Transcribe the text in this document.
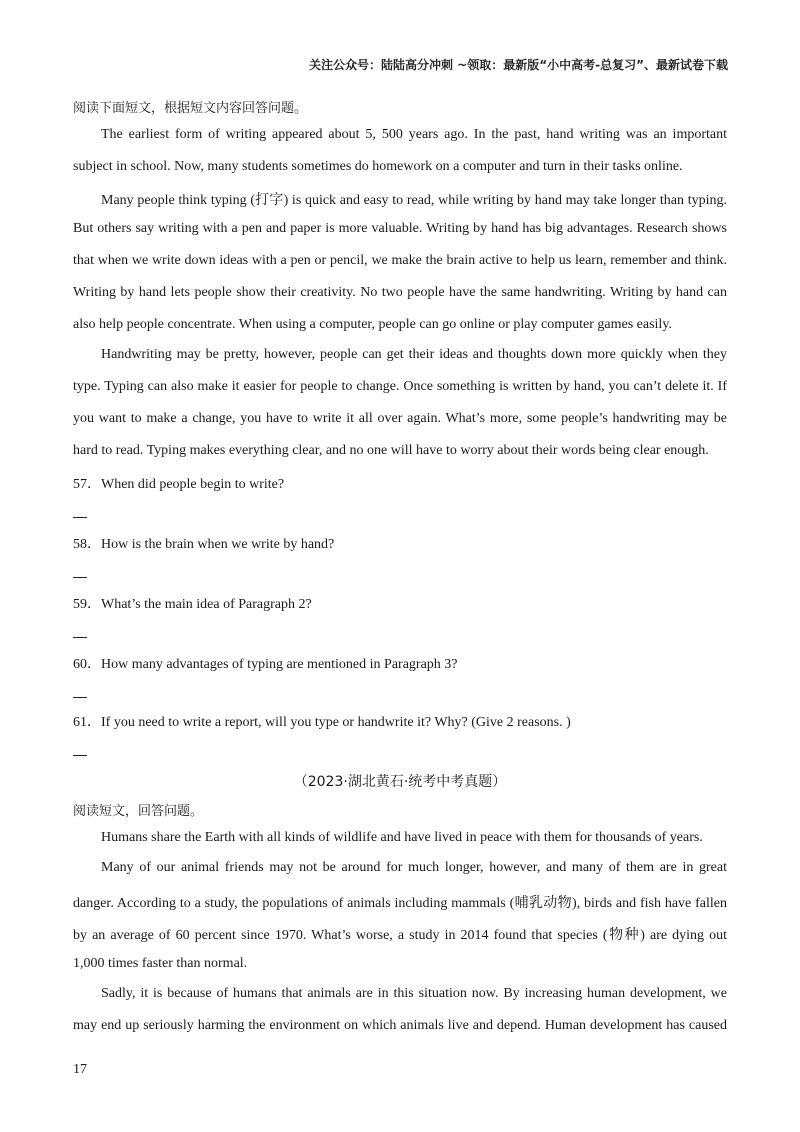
关注公众号：陆陆高分冲刺 ~领取：最新版“小中高考-总复习”、最新试卷下载
阅读下面短文，根据短文内容回答问题。
The earliest form of writing appeared about 5, 500 years ago. In the past, hand writing was an important
subject in school. Now, many students sometimes do homework on a computer and turn in their tasks online.
Many people think typing (打字) is quick and easy to read, while writing by hand may take longer than typing.
But others say writing with a pen and paper is more valuable. Writing by hand has big advantages. Research shows
that when we write down ideas with a pen or pencil, we make the brain active to help us learn, remember and think.
Writing by hand lets people show their creativity. No two people have the same handwriting. Writing by hand can
also help people concentrate. When using a computer, people can go online or play computer games easily.
Handwriting may be pretty, however, people can get their ideas and thoughts down more quickly when they
type. Typing can also make it easier for people to change. Once something is written by hand, you can’t delete it. If
you want to make a change, you have to write it all over again. What’s more, some people’s handwriting may be
hard to read. Typing makes everything clear, and no one will have to worry about their words being clear enough.
57．When did people begin to write?
58．How is the brain when we write by hand?
59．What’s the main idea of Paragraph 2?
60．How many advantages of typing are mentioned in Paragraph 3?
61．If you need to write a report, will you type or handwrite it? Why? (Give 2 reasons. )
（2023·湖北黄石·统考中考真题）
阅读短文，回答问题。
Humans share the Earth with all kinds of wildlife and have lived in peace with them for thousands of years.
Many of our animal friends may not be around for much longer, however, and many of them are in great
danger. According to a study, the populations of animals including mammals (哺乳动物), birds and fish have fallen
by an average of 60 percent since 1970. What’s worse, a study in 2014 found that species (物种) are dying out
1,000 times faster than normal.
Sadly, it is because of humans that animals are in this situation now. By increasing human development, we
may end up seriously harming the environment on which animals live and depend. Human development has caused
17
